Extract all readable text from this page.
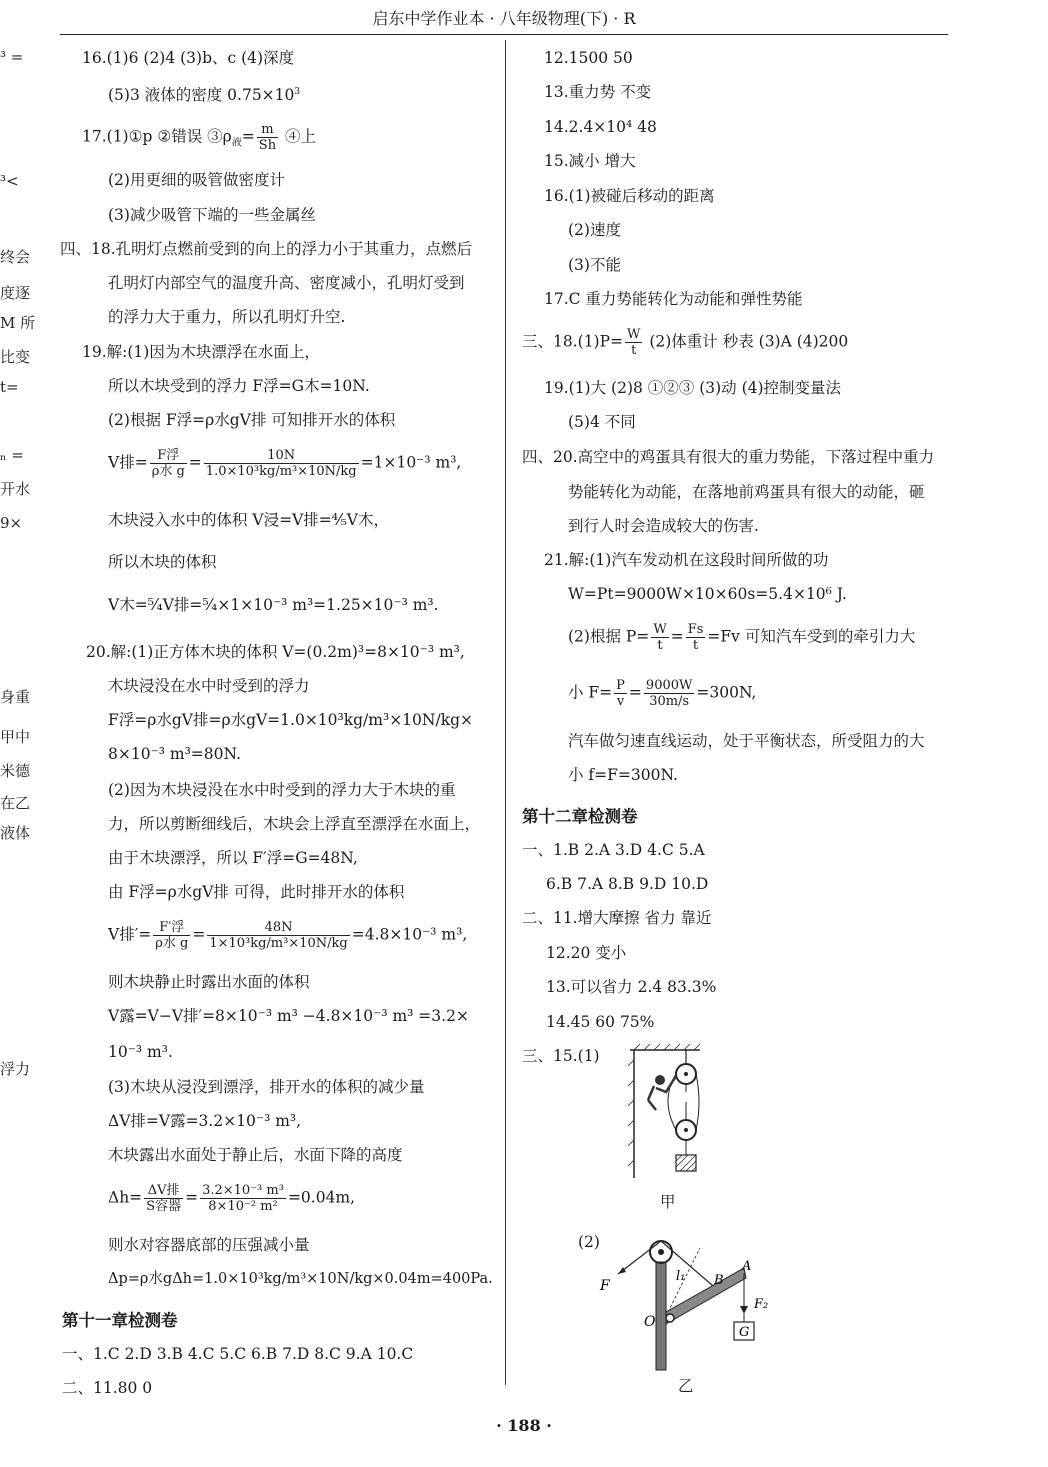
启东中学作业本 · 八年级物理(下) · R
³ =
³<
终会
度逐
M 所
比变
t=
ₙ =
开水
9×
身重
甲中
米德
在乙
液体
浮力
16.(1)6 (2)4 (3)b、c (4)深度
(5)3 液体的密度 $0.75\times 10^3$
17.(1)①p ②错误 $③\rho_液= \frac{m}{Sh}$ ④上
(2)用更细的吸管做密度计
(3)减少吸管下端的一些金属丝
四、18.孔明灯点燃前受到的向上的浮力小于其重力，点燃后
孔明灯内部空气的温度升高、密度减小，孔明灯受到
的浮力大于重力，所以孔明灯升空.
19.解:(1)因为木块漂浮在水面上，
所以木块受到的浮力 F浮=G木=10N.
(2)根据 F浮=ρ水gV排 可知排开水的体积
V排= $\frac{\text{F浮}}{\text{ρ水 g}} = \frac{10N}{\text{1.0×10³kg/m³×10N/kg}} =1\times 10^{-3}$ m³,
木块浸入水中的体积 V浸=V排=⁴⁄₅V木，
所以木块的体积
V木=⁵⁄₄V排=⁵⁄₄×1×10⁻³ m³=1.25×10⁻³ m³.
20.解:(1)正方体木块的体积 V=(0.2m)³=8×10⁻³ m³,
木块浸没在水中时受到的浮力
F浮=ρ水gV排=ρ水gV=1.0×10³kg/m³×10N/kg×
8×10⁻³ m³=80N.
(2)因为木块浸没在水中时受到的浮力大于木块的重
力，所以剪断细线后，木块会上浮直至漂浮在水面上，
由于木块漂浮，所以 F′浮=G=48N,
由 F浮=ρ水gV排 可得，此时排开水的体积
V排′= $\frac{\text{F′浮}}{\text{ρ水 g}} = \frac{48N}{\text{1×10³kg/m³×10N/kg}} =4.8\times 10^{-3}$ m³,
则木块静止时露出水面的体积
V露=V−V排′=8×10⁻³ m³ −4.8×10⁻³ m³ =3.2×
10⁻³ m³.
(3)木块从浸没到漂浮，排开水的体积的减少量
ΔV排=V露=3.2×10⁻³ m³,
木块露出水面处于静止后，水面下降的高度
$\Delta h= \frac{\text{ΔV排}}{\text{S容器}} = \frac{\text{3.2×10⁻³ m³}}{\text{8×10⁻² m²}} =0.04m$,
则水对容器底部的压强减小量
Δp=ρ水gΔh=1.0×10³kg/m³×10N/kg×0.04m=400Pa.
第十一章检测卷
一、1.C 2.D 3.B 4.C 5.C 6.B 7.D 8.C 9.A 10.C
二、11.80 0
12.1500 50
13.重力势 不变
14.2.4×10⁴ 48
15.减小 增大
16.(1)被碰后移动的距离
(2)速度
(3)不能
17.C 重力势能转化为动能和弹性势能
三、$18.(1)P= \frac{W}{t} (2)$体重计 秒表 (3)A (4)200
19.(1)大 (2)8 ①②③ (3)动 (4)控制变量法
(5)4 不同
四、20.高空中的鸡蛋具有很大的重力势能，下落过程中重力
势能转化为动能，在落地前鸡蛋具有很大的动能，砸
到行人时会造成较大的伤害.
21.解:(1)汽车发动机在这段时间所做的功
W=Pt=9000W×10×60s=5.4×10⁶ J.
(2)根据 $P= \frac{W}{t} = \frac{Fs}{t} =Fv$ 可知汽车受到的牵引力大
小 $F= \frac{P}{v} = \frac{9000W}{30m/s} =300N$,
汽车做匀速直线运动，处于平衡状态，所受阻力的大
小 f=F=300N.
第十二章检测卷
一、1.B 2.A 3.D 4.C 5.A
6.B 7.A 8.B 9.D 10.D
二、11.增大摩擦 省力 靠近
12.20 变小
13.可以省力 2.4 83.3%
14.45 60 75%
三、15.(1)
甲
(2)
F
l₁ B
A
F₂
O
G
乙
· 188 ·
